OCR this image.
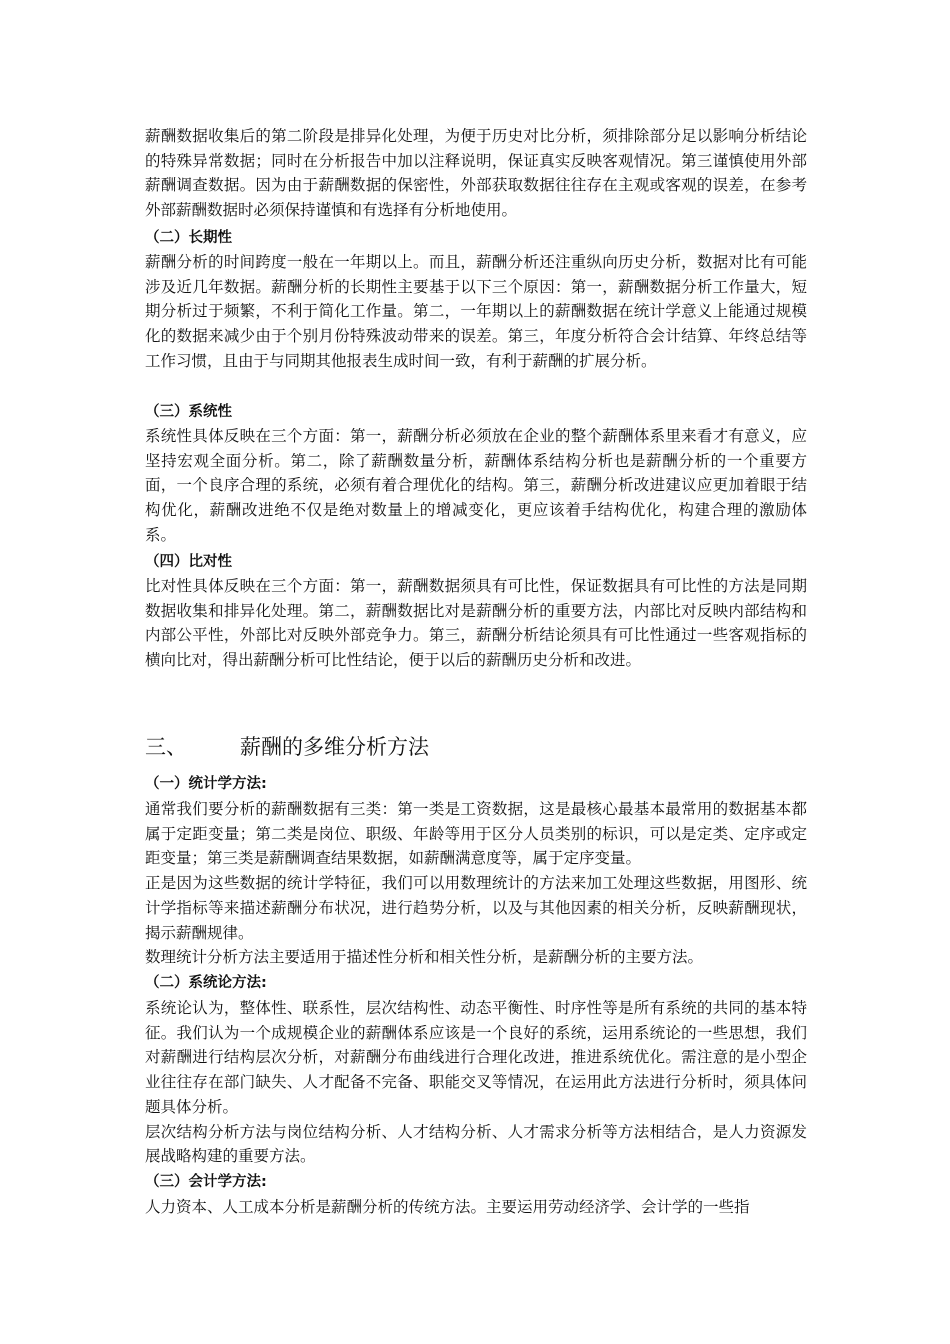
薪酬数据收集后的第二阶段是排异化处理，为便于历史对比分析，须排除部分足以影响分析结论的特殊异常数据；同时在分析报告中加以注释说明，保证真实反映客观情况。第三谨慎使用外部薪酬调查数据。因为由于薪酬数据的保密性，外部获取数据往往存在主观或客观的误差，在参考外部薪酬数据时必须保持谨慎和有选择有分析地使用。

（二）长期性

薪酬分析的时间跨度一般在一年期以上。而且，薪酬分析还注重纵向历史分析，数据对比有可能涉及近几年数据。薪酬分析的长期性主要基于以下三个原因：第一，薪酬数据分析工作量大，短期分析过于频繁，不利于简化工作量。第二，一年期以上的薪酬数据在统计学意义上能通过规模化的数据来减少由于个别月份特殊波动带来的误差。第三，年度分析符合会计结算、年终总结等工作习惯，且由于与同期其他报表生成时间一致，有利于薪酬的扩展分析。

（三）系统性

系统性具体反映在三个方面：第一，薪酬分析必须放在企业的整个薪酬体系里来看才有意义，应坚持宏观全面分析。第二，除了薪酬数量分析，薪酬体系结构分析也是薪酬分析的一个重要方面，一个良序合理的系统，必须有着合理优化的结构。第三，薪酬分析改进建议应更加着眼于结构优化，薪酬改进绝不仅是绝对数量上的增减变化，更应该着手结构优化，构建合理的激励体系。

（四）比对性

比对性具体反映在三个方面：第一，薪酬数据须具有可比性，保证数据具有可比性的方法是同期数据收集和排异化处理。第二，薪酬数据比对是薪酬分析的重要方法，内部比对反映内部结构和内部公平性，外部比对反映外部竞争力。第三，薪酬分析结论须具有可比性通过一些客观指标的横向比对，得出薪酬分析可比性结论，便于以后的薪酬历史分析和改进。

三、	薪酬的多维分析方法

（一）统计学方法:

通常我们要分析的薪酬数据有三类：第一类是工资数据，这是最核心最基本最常用的数据基本都属于定距变量；第二类是岗位、职级、年龄等用于区分人员类别的标识，可以是定类、定序或定距变量；第三类是薪酬调查结果数据，如薪酬满意度等，属于定序变量。

正是因为这些数据的统计学特征，我们可以用数理统计的方法来加工处理这些数据，用图形、统计学指标等来描述薪酬分布状况，进行趋势分析，以及与其他因素的相关分析，反映薪酬现状，揭示薪酬规律。

数理统计分析方法主要适用于描述性分析和相关性分析，是薪酬分析的主要方法。

（二）系统论方法:

系统论认为，整体性、联系性，层次结构性、动态平衡性、时序性等是所有系统的共同的基本特征。我们认为一个成规模企业的薪酬体系应该是一个良好的系统，运用系统论的一些思想，我们对薪酬进行结构层次分析，对薪酬分布曲线进行合理化改进，推进系统优化。需注意的是小型企业往往存在部门缺失、人才配备不完备、职能交叉等情况，在运用此方法进行分析时，须具体问题具体分析。

层次结构分析方法与岗位结构分析、人才结构分析、人才需求分析等方法相结合，是人力资源发展战略构建的重要方法。

（三）会计学方法:

人力资本、人工成本分析是薪酬分析的传统方法。主要运用劳动经济学、会计学的一些指
